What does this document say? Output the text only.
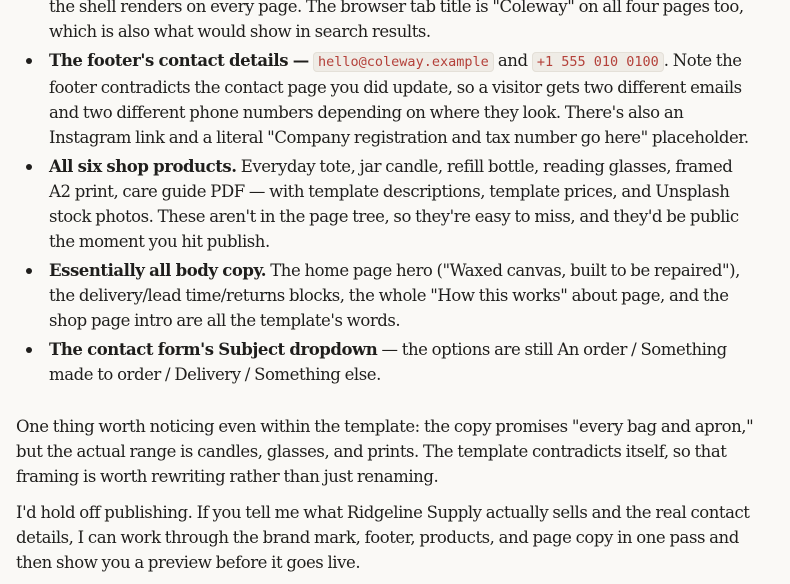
the shell renders on every page. The browser tab title is "Coleway" on all four pages too,
which is also what would show in search results.
The footer's contact details — hello@coleway.example and +1 555 010 0100 . Note the footer contradicts the contact page you did update, so a visitor gets two different emails and two different phone numbers depending on where they look. There's also an Instagram link and a literal "Company registration and tax number go here" placeholder.
All six shop products. Everyday tote, jar candle, refill bottle, reading glasses, framed A2 print, care guide PDF — with template descriptions, template prices, and Unsplash stock photos. These aren't in the page tree, so they're easy to miss, and they'd be public the moment you hit publish.
Essentially all body copy. The home page hero ("Waxed canvas, built to be repaired"), the delivery/lead time/returns blocks, the whole "How this works" about page, and the shop page intro are all the template's words.
The contact form's Subject dropdown — the options are still An order / Something made to order / Delivery / Something else.

One thing worth noticing even within the template: the copy promises "every bag and apron," but the actual range is candles, glasses, and prints. The template contradicts itself, so that framing is worth rewriting rather than just renaming.

I'd hold off publishing. If you tell me what Ridgeline Supply actually sells and the real contact details, I can work through the brand mark, footer, products, and page copy in one pass and then show you a preview before it goes live.
